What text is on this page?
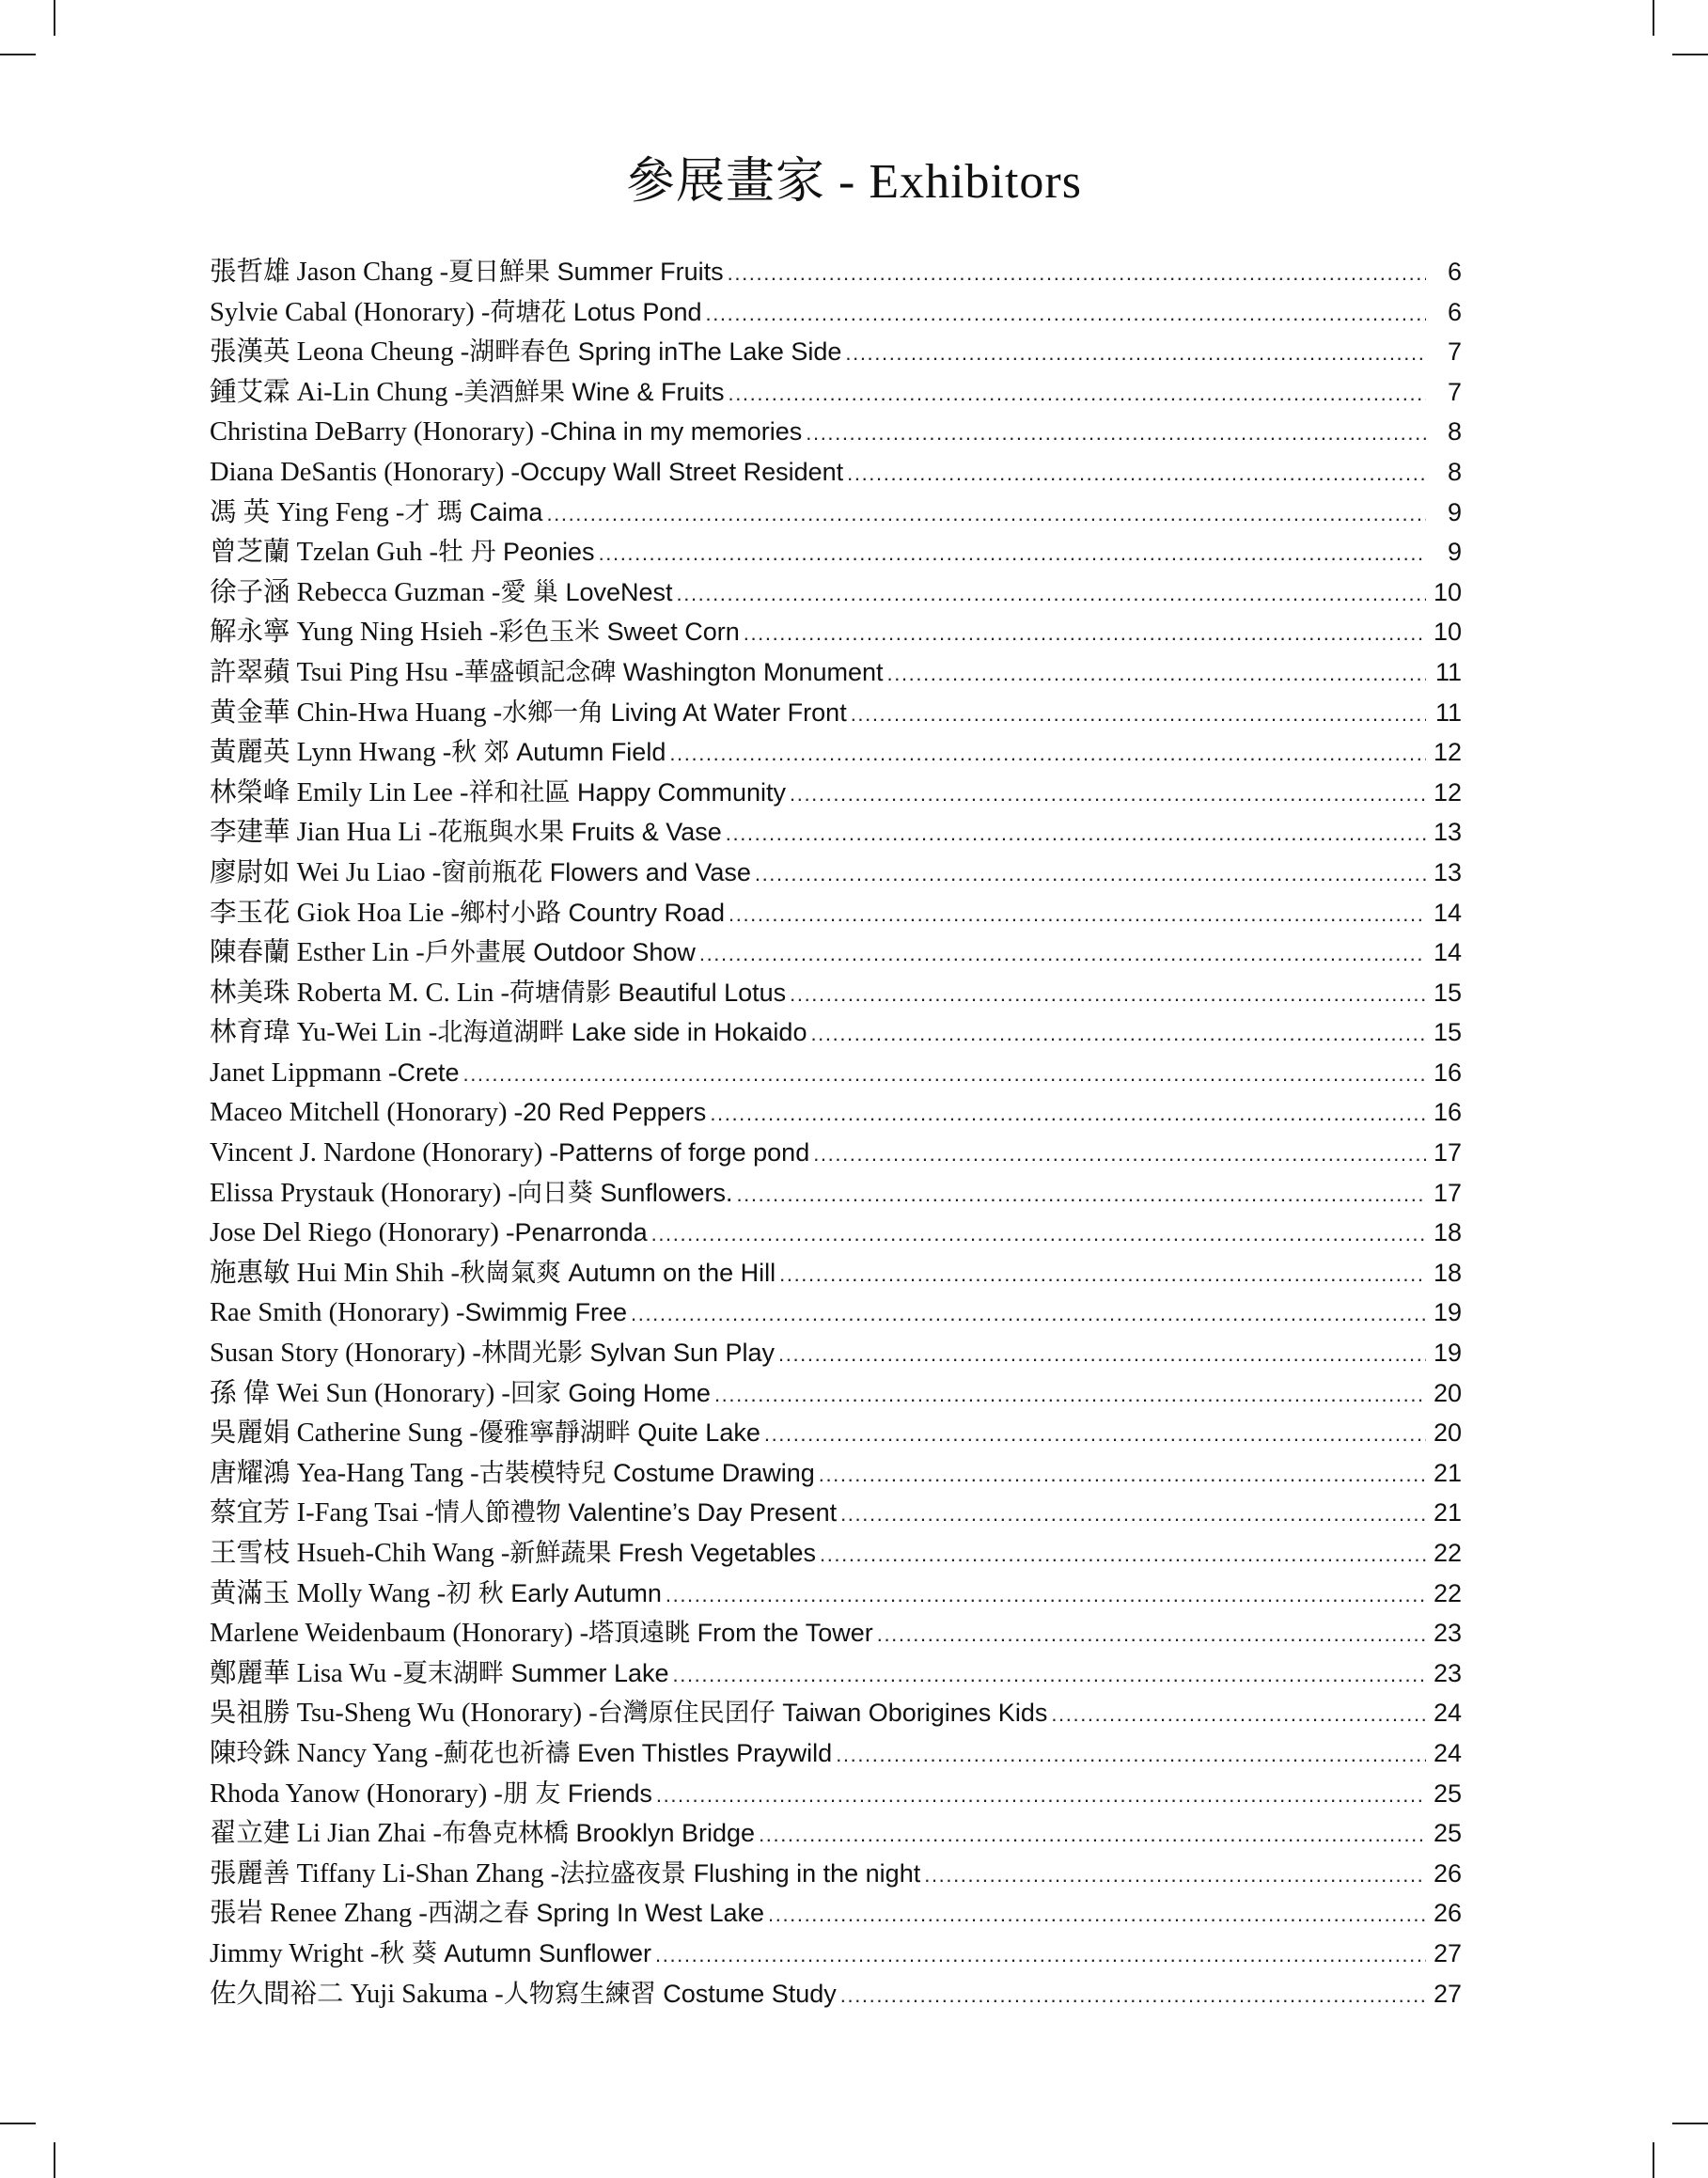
參展畫家 - Exhibitors
張哲雄 Jason Chang - 夏日鮮果 Summer Fruits .....	6
Sylvie Cabal (Honorary) - 荷塘花 Lotus Pond .....	6
張漢英 Leona Cheung - 湖畔春色 Spring inThe Lake Side .....	7
鍾艾霖 Ai-Lin Chung - 美酒鮮果 Wine & Fruits .....	7
Christina DeBarry (Honorary) - China in my memories .....	8
Diana DeSantis (Honorary) - Occupy Wall Street Resident .....	8
馮 英 Ying Feng - 才 瑪 Caima .....	9
曾芝蘭 Tzelan Guh - 牡 丹 Peonies .....	9
徐子涵 Rebecca Guzman - 愛 巢 LoveNest .....	10
解永寧 Yung Ning Hsieh - 彩色玉米 Sweet Corn .....	10
許翠蘋 Tsui Ping Hsu - 華盛頓記念碑 Washington Monument .....	11
黄金華 Chin-Hwa Huang - 水鄉一角 Living At Water Front .....	11
黃麗英 Lynn Hwang - 秋 郊 Autumn Field .....	12
林榮峰 Emily Lin Lee - 祥和社區 Happy Community .....	12
李建華 Jian Hua Li - 花瓶與水果 Fruits & Vase .....	13
廖尉如 Wei Ju Liao - 窗前瓶花 Flowers and Vase .....	13
李玉花 Giok Hoa Lie - 鄉村小路 Country Road .....	14
陳春蘭 Esther Lin - 戶外畫展 Outdoor Show .....	14
林美珠 Roberta M. C. Lin - 荷塘倩影 Beautiful Lotus .....	15
林育瑋 Yu-Wei Lin - 北海道湖畔 Lake side in Hokaido .....	15
Janet Lippmann - Crete .....	16
Maceo Mitchell (Honorary) - 20 Red Peppers .....	16
Vincent J. Nardone (Honorary) - Patterns of forge pond .....	17
Elissa Prystauk (Honorary) - 向日葵 Sunflowers. .....	17
Jose Del Riego (Honorary) - Penarronda .....	18
施惠敏 Hui Min Shih - 秋崗氣爽 Autumn on the Hill .....	18
Rae Smith (Honorary) - Swimmig Free .....	19
Susan Story (Honorary) - 林間光影 Sylvan Sun Play .....	19
孫 偉 Wei Sun (Honorary) - 回家 Going Home .....	20
吳麗娟 Catherine Sung - 優雅寧靜湖畔 Quite Lake .....	20
唐耀鴻 Yea-Hang Tang - 古裝模特兒 Costume Drawing .....	21
蔡宜芳 I-Fang Tsai - 情人節禮物 Valentine’s Day Present .....	21
王雪枝 Hsueh-Chih Wang - 新鮮蔬果 Fresh Vegetables .....	22
黄滿玉 Molly Wang - 初 秋 Early Autumn .....	22
Marlene Weidenbaum (Honorary) - 塔頂遠眺 From the Tower .....	23
鄭麗華 Lisa Wu - 夏末湖畔 Summer Lake .....	23
吳祖勝 Tsu-Sheng Wu (Honorary) - 台灣原住民囝仔 Taiwan Oborigines Kids .....	24
陳玲銖 Nancy Yang - 薊花也祈禱 Even Thistles Praywild .....	24
Rhoda Yanow (Honorary) - 朋 友 Friends .....	25
翟立建 Li Jian Zhai - 布魯克林橋 Brooklyn Bridge .....	25
張麗善 Tiffany Li-Shan Zhang - 法拉盛夜景 Flushing in the night .....	26
張岩 Renee Zhang - 西湖之春 Spring In West Lake .....	26
Jimmy Wright - 秋 葵 Autumn Sunflower .....	27
佐久間裕二 Yuji Sakuma - 人物寫生練習 Costume Study .....	27
